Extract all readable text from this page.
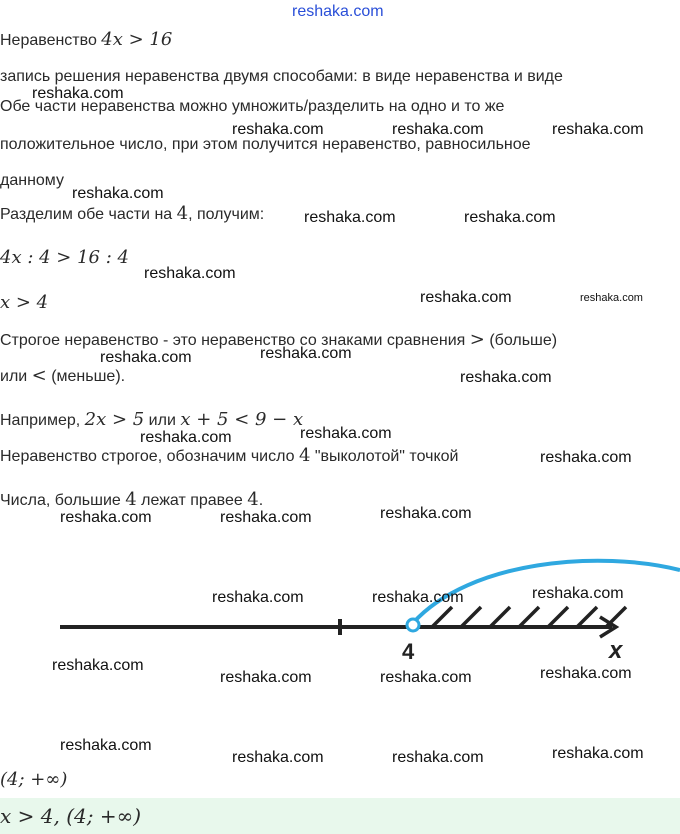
reshaka.com
Неравенство 4x > 16
запись решения неравенства двумя способами: в виде неравенства и виде
Обе части неравенства можно умножить/разделить на одно и то же
положительное число, при этом получится неравенство, равносильное
данному
Разделим обе части на 4, получим:
4x : 4 > 16 : 4
x > 4
Строгое неравенство - это неравенство со знаками сравнения > (больше)
или < (меньше).
Например, 2x > 5 или x + 5 < 9 − x
Неравенство строгое, обозначим число 4 "выколотой" точкой
Числа, большие 4 лежат правее 4.
4	x
(4; +∞)
x > 4, (4; +∞)
reshaka.com
reshaka.com	reshaka.com	reshaka.com
reshaka.com
reshaka.com	reshaka.com
reshaka.com
reshaka.com	reshaka.com
reshaka.com
reshaka.com
reshaka.com
reshaka.com
reshaka.com
reshaka.com
reshaka.com
reshaka.com	reshaka.com
reshaka.com
reshaka.com	reshaka.com
reshaka.com	reshaka.com
reshaka.com	reshaka.com
reshaka.com	reshaka.com
reshaka.com	reshaka.com
